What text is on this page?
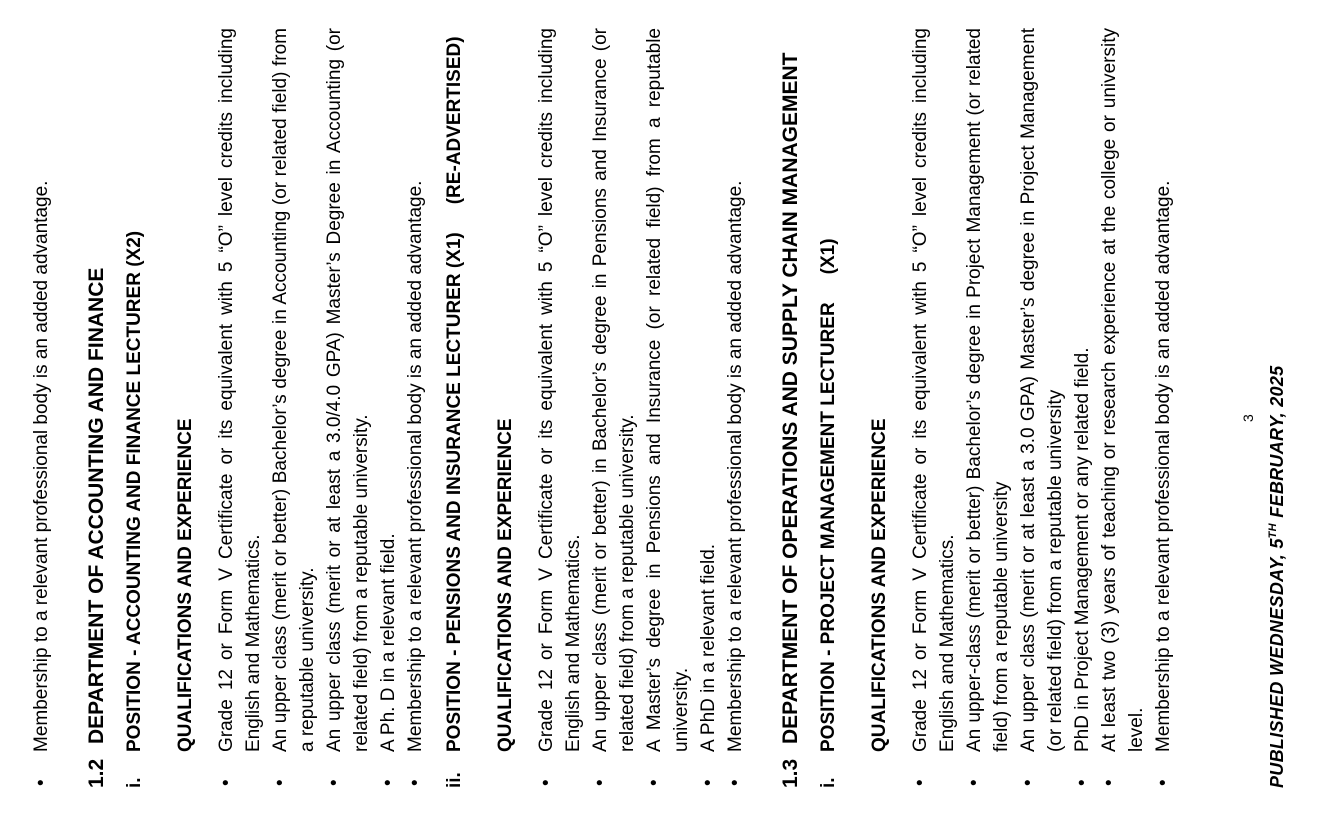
• Membership to a relevant professional body is an added advantage.
1.2DEPARTMENT OF ACCOUNTING AND FINANCE
i.POSITION - ACCOUNTING AND FINANCE LECTURER (X2) QUALIFICATIONS AND EXPERIENCE • Grade 12 or Form V Certificate or its equivalent with 5 “O” level credits including English and Mathematics. • An upper class (merit or better) Bachelor’s degree in Accounting (or related field) from a reputable university. • An upper class (merit or at least a 3.0/4.0 GPA) Master’s Degree in Accounting (or related field) from a reputable university. • A Ph. D in a relevant field. • Membership to a relevant professional body is an added advantage.
ii.POSITION - PENSIONS AND INSURANCE LECTURER (X1)(RE-ADVERTISED)
QUALIFICATIONS AND EXPERIENCE • Grade 12 or Form V Certificate or its equivalent with 5 “O” level credits including English and Mathematics. • An upper class (merit or better) in Bachelor’s degree in Pensions and Insurance (or related field) from a reputable university. • A Master’s degree in Pensions and Insurance (or related field) from a reputable university. • A PhD in a relevant field. • Membership to a relevant professional body is an added advantage.
1.3DEPARTMENT OF OPERATIONS AND SUPPLY CHAIN MANAGEMENT
i.POSITION - PROJECT MANAGEMENT LECTURER(X1)
QUALIFICATIONS AND EXPERIENCE • Grade 12 or Form V Certificate or its equivalent with 5 “O” level credits including English and Mathematics. • An upper-class (merit or better) Bachelor’s degree in Project Management (or related field) from a reputable university • An upper class (merit or at least a 3.0 GPA) Master’s degree in Project Management (or related field) from a reputable university • PhD in Project Management or any related field. • At least two (3) years of teaching or research experience at the college or university level. • Membership to a relevant professional body is an added advantage.	3
PUBLISHED WEDNESDAY, 5TH FEBRUARY, 2025
